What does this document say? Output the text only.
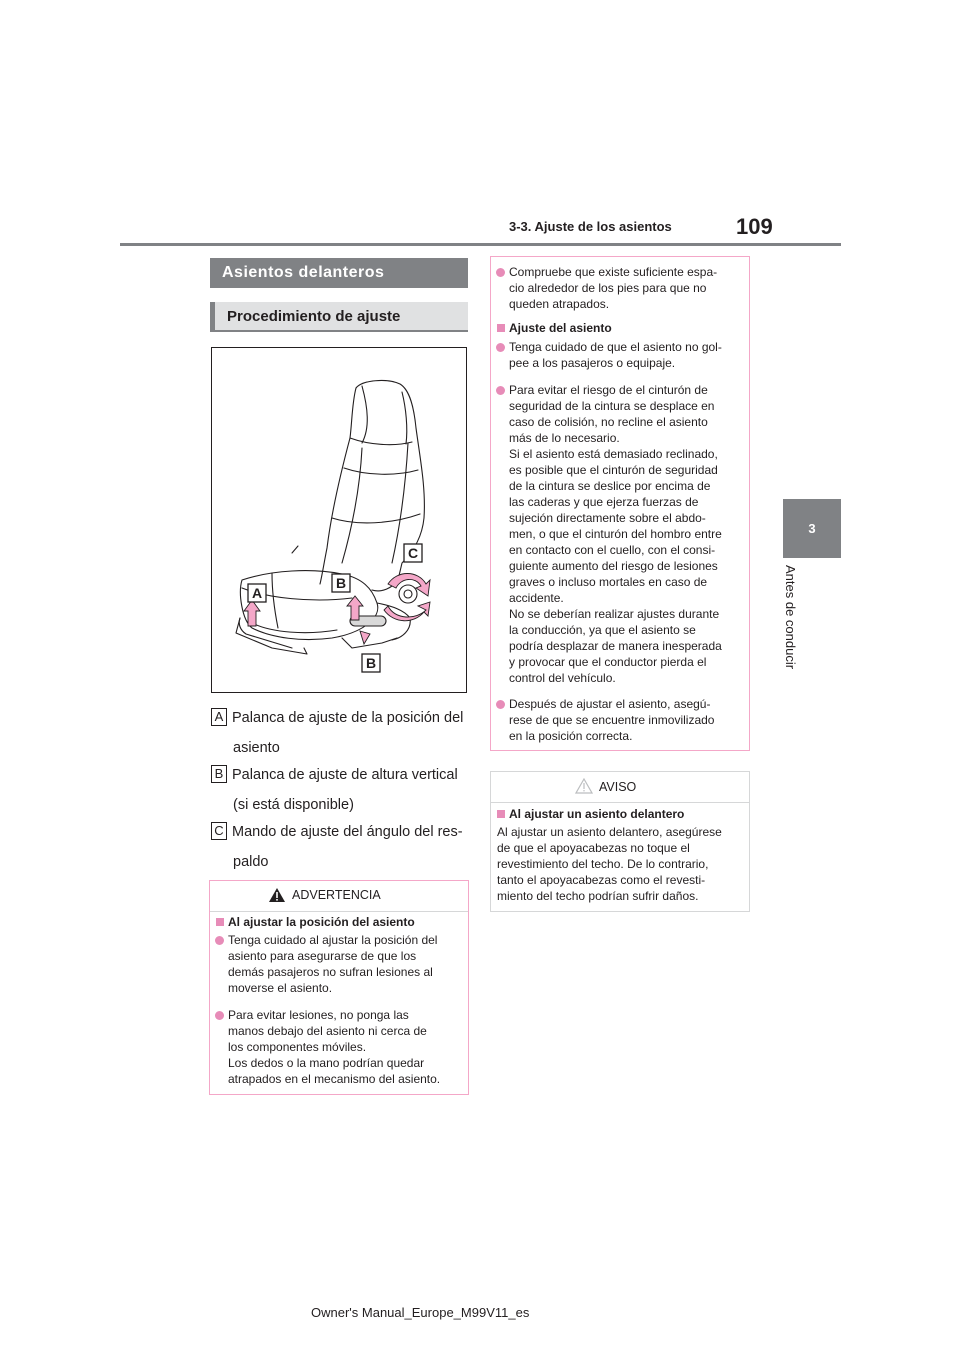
109
3-3. Ajuste de los asientos
3
Antes de conducir
Asientos delanteros
Procedimiento de ajuste
A
B
C
B
A Palanca de ajuste de la posición del
asiento
B Palanca de ajuste de altura vertical
(si está disponible)
C Mando de ajuste del ángulo del res-
paldo
ADVERTENCIA
Al ajustar la posición del asiento
Tenga cuidado al ajustar la posición del
asiento para asegurarse de que los
demás pasajeros no sufran lesiones al
moverse el asiento.
Para evitar lesiones, no ponga las
manos debajo del asiento ni cerca de
los componentes móviles.
Los dedos o la mano podrían quedar
atrapados en el mecanismo del asiento.
Compruebe que existe suficiente espa-
cio alrededor de los pies para que no
queden atrapados.
Ajuste del asiento
Tenga cuidado de que el asiento no gol-
pee a los pasajeros o equipaje.
Para evitar el riesgo de el cinturón de
seguridad de la cintura se desplace en
caso de colisión, no recline el asiento
más de lo necesario.
Si el asiento está demasiado reclinado,
es posible que el cinturón de seguridad
de la cintura se deslice por encima de
las caderas y que ejerza fuerzas de
sujeción directamente sobre el abdo-
men, o que el cinturón del hombro entre
en contacto con el cuello, con el consi-
guiente aumento del riesgo de lesiones
graves o incluso mortales en caso de
accidente.
No se deberían realizar ajustes durante
la conducción, ya que el asiento se
podría desplazar de manera inesperada
y provocar que el conductor pierda el
control del vehículo.
Después de ajustar el asiento, asegú-
rese de que se encuentre inmovilizado
en la posición correcta.
AVISO
Al ajustar un asiento delantero
Al ajustar un asiento delantero, asegúrese
de que el apoyacabezas no toque el
revestimiento del techo. De lo contrario,
tanto el apoyacabezas como el revesti-
miento del techo podrían sufrir daños.
Owner's Manual_Europe_M99V11_es
